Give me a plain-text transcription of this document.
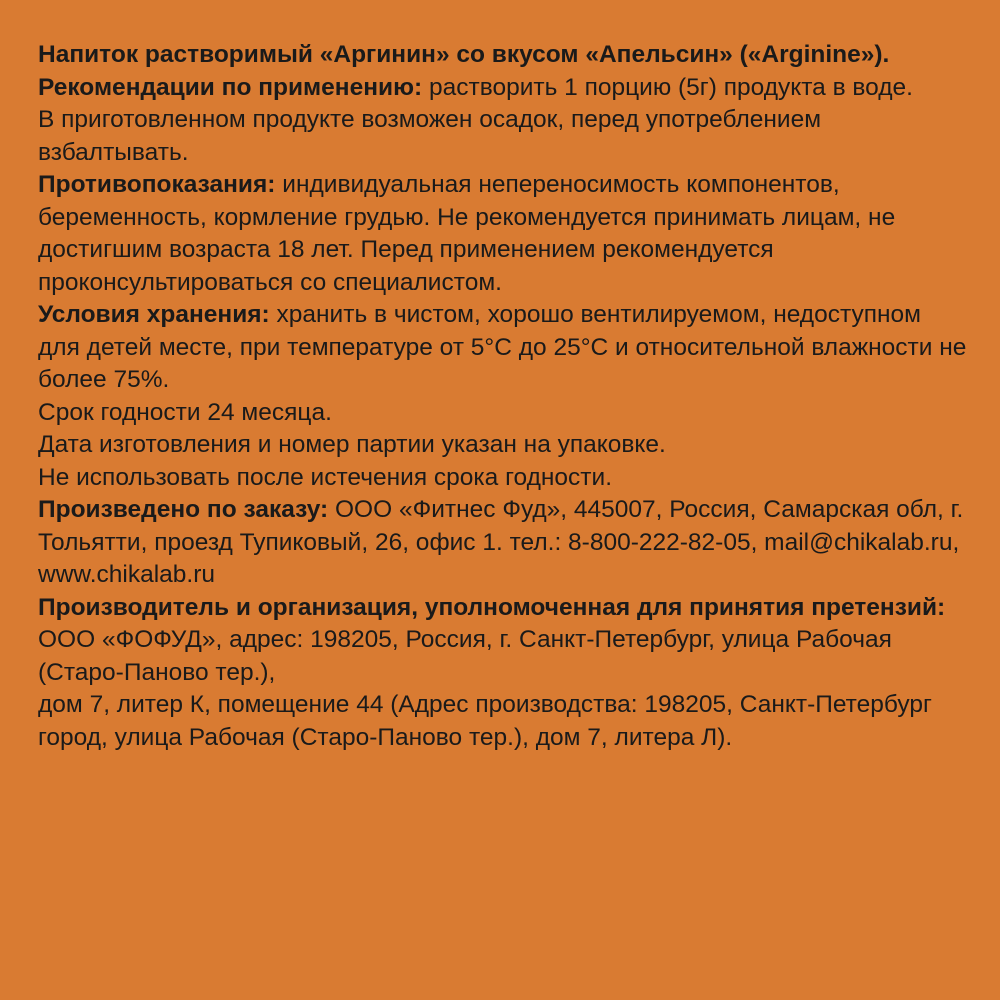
Напиток растворимый «Аргинин» со вкусом «Апельсин» («Arginine»).

Рекомендации по применению: растворить 1 порцию (5г) продукта в воде.

В приготовленном продукте возможен осадок, перед употреблением взбалтывать.

Противопоказания: индивидуальная непереносимость компонентов, беременность, кормление грудью. Не рекомендуется принимать лицам, не достигшим возраста 18 лет. Перед применением рекомендуется проконсультироваться со специалистом.

Условия хранения: хранить в чистом, хорошо вентилируемом, недоступном для детей месте, при температуре от 5°С до 25°С и относительной влажности не более 75%.

Срок годности 24 месяца.

Дата изготовления и номер партии указан на упаковке.

Не использовать после истечения срока годности.

Произведено по заказу: ООО «Фитнес Фуд», 445007, Россия, Самарская обл, г. Тольятти, проезд Тупиковый, 26, офис 1. тел.: 8-800-222-82-05, mail@chikalab.ru, www.chikalab.ru

Производитель и организация, уполномоченная для принятия претензий:

ООО «ФОФУД», адрес: 198205, Россия, г. Санкт-Петербург, улица Рабочая (Старо-Паново тер.),

дом 7, литер К, помещение 44 (Адрес производства: 198205, Санкт-Петербург город, улица Рабочая (Старо-Паново тер.), дом 7, литера Л).
